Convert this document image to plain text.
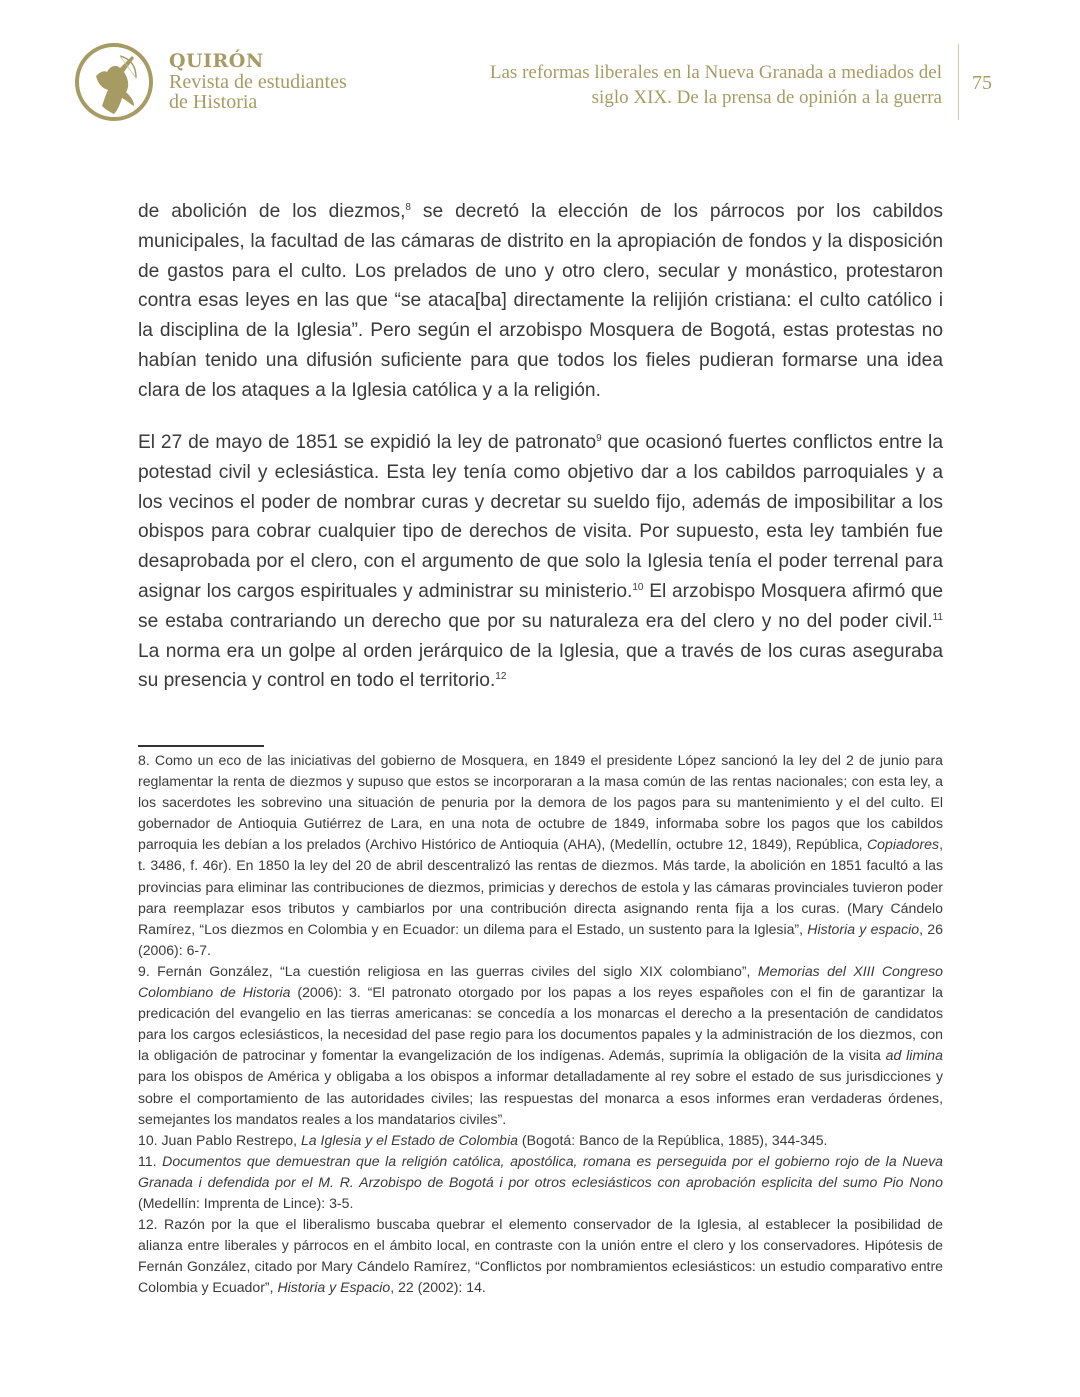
QUIRÓN
Revista de estudiantes
de Historia
Las reformas liberales en la Nueva Granada a mediados del
siglo XIX. De la prensa de opinión a la guerra
75

de abolición de los diezmos,$^8$ se decretó la elección de los párrocos por los cabildos municipales, la facultad de las cámaras de distrito en la apropiación de fondos y la disposición de gastos para el culto. Los prelados de uno y otro clero, secular y monástico, protestaron contra esas leyes en las que “se ataca[ba] directamente la relijión cristiana: el culto católico i la disciplina de la Iglesia”. Pero según el arzobispo Mosquera de Bogotá, estas protestas no habían tenido una difusión suficiente para que todos los fieles pudieran formarse una idea clara de los ataques a la Iglesia católica y a la religión.

El 27 de mayo de 1851 se expidió la ley de patronato$^9$ que ocasionó fuertes conflictos entre la potestad civil y eclesiástica. Esta ley tenía como objetivo dar a los cabildos parroquiales y a los vecinos el poder de nombrar curas y decretar su sueldo fijo, además de imposibilitar a los obispos para cobrar cualquier tipo de derechos de visita. Por supuesto, esta ley también fue desaprobada por el clero, con el argumento de que solo la Iglesia tenía el poder terrenal para asignar los cargos espirituales y administrar su ministerio.$^{10}$ El arzobispo Mosquera afirmó que se estaba contrariando un derecho que por su naturaleza era del clero y no del poder civil.$^{11}$ La norma era un golpe al orden jerárquico de la Iglesia, que a través de los curas aseguraba su presencia y control en todo el territorio.$^{12}$

8. Como un eco de las iniciativas del gobierno de Mosquera, en 1849 el presidente López sancionó la ley del 2 de junio para reglamentar la renta de diezmos y supuso que estos se incorporaran a la masa común de las rentas nacionales; con esta ley, a los sacerdotes les sobrevino una situación de penuria por la demora de los pagos para su mantenimiento y el del culto. El gobernador de Antioquia Gutiérrez de Lara, en una nota de octubre de 1849, informaba sobre los pagos que los cabildos parroquia les debían a los prelados (Archivo Histórico de Antioquia (AHA), (Medellín, octubre 12, 1849), República, Copiadores, t. 3486, f. 46r). En 1850 la ley del 20 de abril descentralizó las rentas de diezmos. Más tarde, la abolición en 1851 facultó a las provincias para eliminar las contribuciones de diezmos, primicias y derechos de estola y las cámaras provinciales tuvieron poder para reemplazar esos tributos y cambiarlos por una contribución directa asignando renta fija a los curas. (Mary Cándelo Ramírez, “Los diezmos en Colombia y en Ecuador: un dilema para el Estado, un sustento para la Iglesia”, Historia y espacio, 26 (2006): 6-7.

9. Fernán González, “La cuestión religiosa en las guerras civiles del siglo XIX colombiano”, Memorias del XIII Congreso Colombiano de Historia (2006): 3. “El patronato otorgado por los papas a los reyes españoles con el fin de garantizar la predicación del evangelio en las tierras americanas: se concedía a los monarcas el derecho a la presentación de candidatos para los cargos eclesiásticos, la necesidad del pase regio para los documentos papales y la administración de los diezmos, con la obligación de patrocinar y fomentar la evangelización de los indígenas. Además, suprimía la obligación de la visita ad limina para los obispos de América y obligaba a los obispos a informar detalladamente al rey sobre el estado de sus jurisdicciones y sobre el comportamiento de las autoridades civiles; las respuestas del monarca a esos informes eran verdaderas órdenes, semejantes los mandatos reales a los mandatarios civiles”.

10. Juan Pablo Restrepo, La Iglesia y el Estado de Colombia (Bogotá: Banco de la República, 1885), 344-345.

11. Documentos que demuestran que la religión católica, apostólica, romana es perseguida por el gobierno rojo de la Nueva Granada i defendida por el M. R. Arzobispo de Bogotá i por otros eclesiásticos con aprobación esplicita del sumo Pio Nono (Medellín: Imprenta de Lince): 3-5.

12. Razón por la que el liberalismo buscaba quebrar el elemento conservador de la Iglesia, al establecer la posibilidad de alianza entre liberales y párrocos en el ámbito local, en contraste con la unión entre el clero y los conservadores. Hipótesis de Fernán González, citado por Mary Cándelo Ramírez, “Conflictos por nombramientos eclesiásticos: un estudio comparativo entre Colombia y Ecuador”, Historia y Espacio, 22 (2002): 14.
